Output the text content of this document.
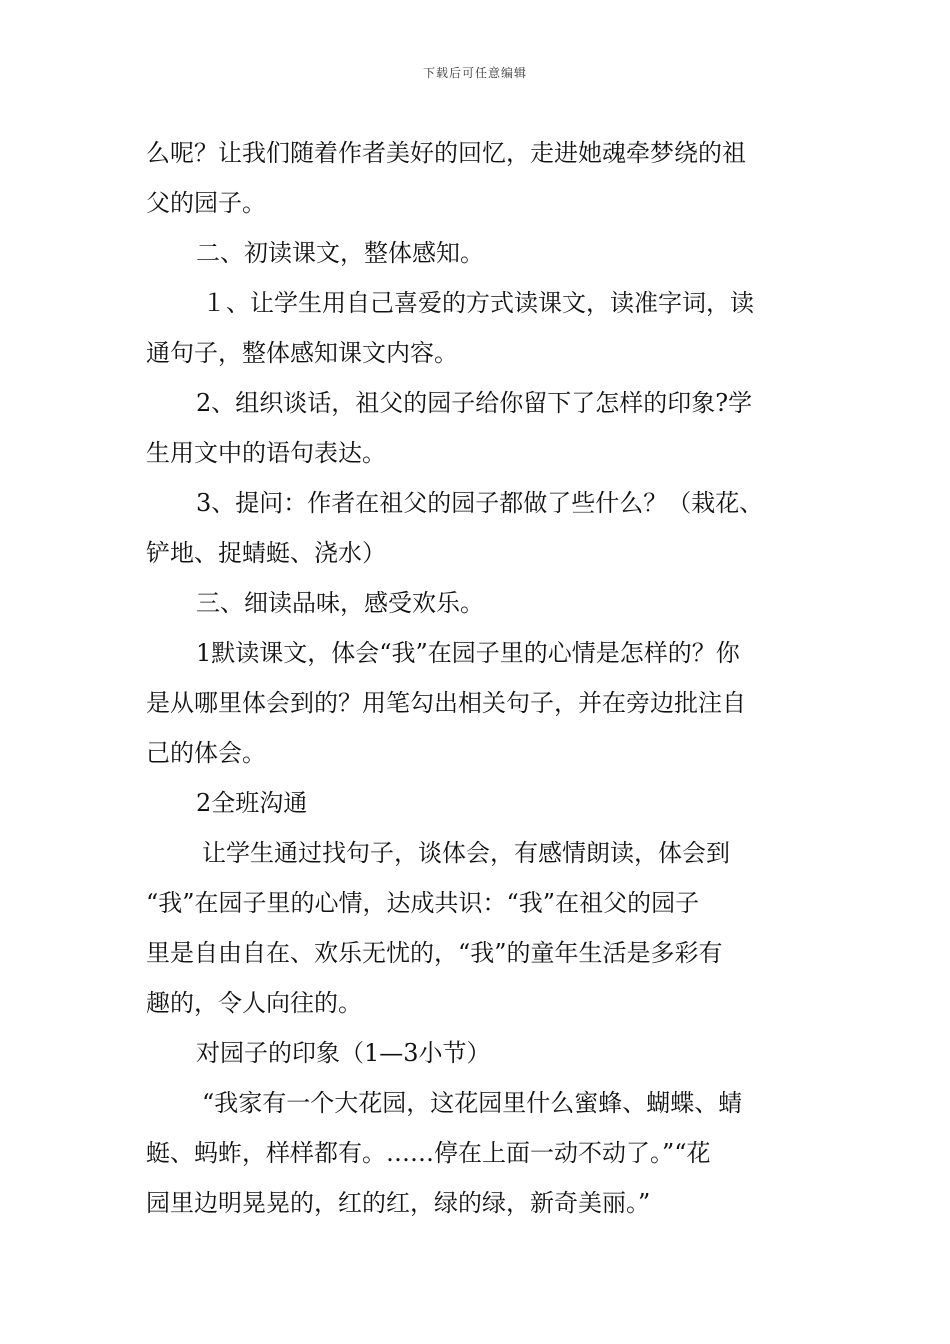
下载后可任意编辑

么呢？让我们随着作者美好的回忆，走进她魂牵梦绕的祖
父的园子。

二、初读课文，整体感知。

１、让学生用自己喜爱的方式读课文，读准字词，读
通句子，整体感知课文内容。

2、组织谈话，祖父的园子给你留下了怎样的印象?学
生用文中的语句表达。

3、提问：作者在祖父的园子都做了些什么？（栽花、
铲地、捉蜻蜓、浇水）

三、细读品味，感受欢乐。

1默读课文，体会“我”在园子里的心情是怎样的？你
是从哪里体会到的？用笔勾出相关句子，并在旁边批注自
己的体会。

2全班沟通

让学生通过找句子，谈体会，有感情朗读，体会到
“我”在园子里的心情，达成共识：“我”在祖父的园子
里是自由自在、欢乐无忧的，“我”的童年生活是多彩有
趣的，令人向往的。

对园子的印象（1—3小节）

“我家有一个大花园，这花园里什么蜜蜂、蝴蝶、蜻
蜓、蚂蚱，样样都有。……停在上面一动不动了。”“花
园里边明晃晃的，红的红，绿的绿，新奇美丽。”
